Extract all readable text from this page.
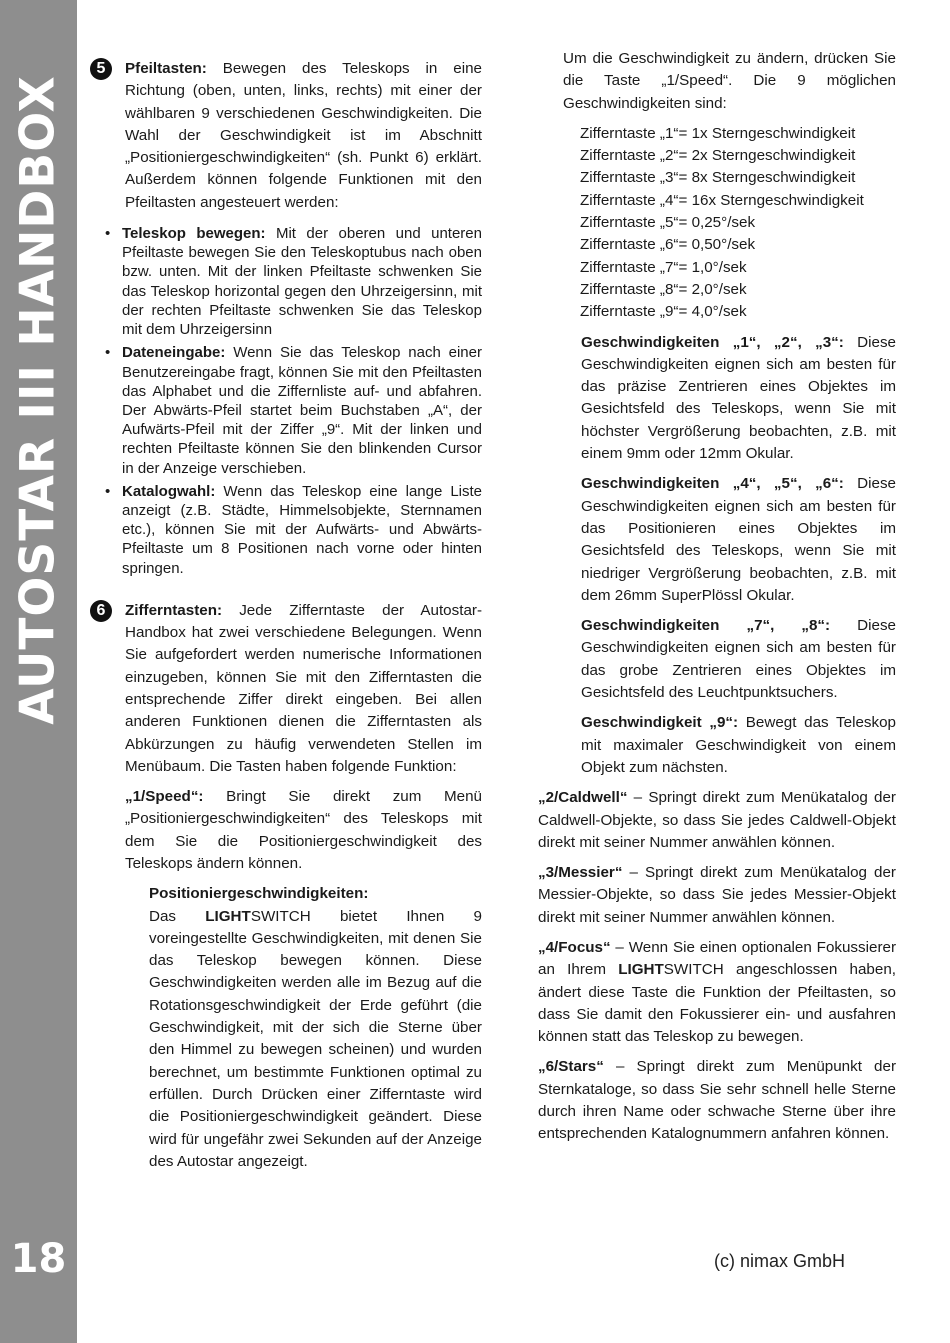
AUTOSTAR III HANDBOX
18
5	Pfeiltasten: Bewegen des Teleskops in eine Richtung (oben, unten, links, rechts) mit einer der wählbaren 9 verschiedenen Geschwindigkeiten. Die Wahl der Geschwindigkeit ist im Abschnitt „Positioniergeschwindigkeiten“ (sh. Punkt 6) erklärt. Außerdem können folgende Funktionen mit den Pfeiltasten angesteuert werden:
• Teleskop bewegen: Mit der oberen und unteren Pfeiltaste bewegen Sie den Teleskoptubus nach oben bzw. unten. Mit der linken Pfeiltaste schwenken Sie das Teleskop horizontal gegen den Uhrzeigersinn, mit der rechten Pfeiltaste schwenken Sie das Teleskop mit dem Uhrzeigersinn
• Dateneingabe: Wenn Sie das Teleskop nach einer Benutzereingabe fragt, können Sie mit den Pfeiltasten das Alphabet und die Ziffernliste auf- und abfahren. Der Abwärts-Pfeil startet beim Buchstaben „A“, der Aufwärts-Pfeil mit der Ziffer „9“. Mit der linken und rechten Pfeiltaste können Sie den blinkenden Cursor in der Anzeige verschieben.
• Katalogwahl: Wenn das Teleskop eine lange Liste anzeigt (z.B. Städte, Himmelsobjekte, Sternnamen etc.), können Sie mit der Aufwärts- und Abwärts-Pfeiltaste um 8 Positionen nach vorne oder hinten springen.
6	Zifferntasten: Jede Zifferntaste der Autostar-Handbox hat zwei verschiedene Belegungen. Wenn Sie aufgefordert werden numerische Informationen einzugeben, können Sie mit den Zifferntasten die entsprechende Ziffer direkt eingeben. Bei allen anderen Funktionen dienen die Zifferntasten als Abkürzungen zu häufig verwendeten Stellen im Menübaum. Die Tasten haben folgende Funktion:

„1/Speed“: Bringt Sie direkt zum Menü „Positioniergeschwindigkeiten“ des Teleskops mit dem Sie die Positioniergeschwindigkeit des Teleskops ändern können.

Positioniergeschwindigkeiten:

Das LIGHTSWITCH bietet Ihnen 9 voreingestellte Geschwindigkeiten, mit denen Sie das Teleskop bewegen können. Diese Geschwindigkeiten werden alle im Bezug auf die Rotationsgeschwindigkeit der Erde geführt (die Geschwindigkeit, mit der sich die Sterne über den Himmel zu bewegen scheinen) und wurden berechnet, um bestimmte Funktionen optimal zu erfüllen. Durch Drücken einer Zifferntaste wird die Positioniergeschwindigkeit geändert. Diese wird für ungefähr zwei Sekunden auf der Anzeige des Autostar angezeigt.

Um die Geschwindigkeit zu ändern, drücken Sie die Taste „1/Speed“. Die 9 möglichen Geschwindigkeiten sind:

Zifferntaste „1“= 1x Sterngeschwindigkeit
Zifferntaste „2“= 2x Sterngeschwindigkeit
Zifferntaste „3“= 8x Sterngeschwindigkeit
Zifferntaste „4“= 16x Sterngeschwindigkeit
Zifferntaste „5“= 0,25°/sek
Zifferntaste „6“= 0,50°/sek
Zifferntaste „7“= 1,0°/sek
Zifferntaste „8“= 2,0°/sek
Zifferntaste „9“= 4,0°/sek

Geschwindigkeiten „1“, „2“, „3“: Diese Geschwindigkeiten eignen sich am besten für das präzise Zentrieren eines Objektes im Gesichtsfeld des Teleskops, wenn Sie mit höchster Vergrößerung beobachten, z.B. mit einem 9mm oder 12mm Okular.

Geschwindigkeiten „4“, „5“, „6“: Diese Geschwindigkeiten eignen sich am besten für das Positionieren eines Objektes im Gesichtsfeld des Teleskops, wenn Sie mit niedriger Vergrößerung beobachten, z.B. mit dem 26mm SuperPlössl Okular.

Geschwindigkeiten „7“, „8“: Diese Geschwindigkeiten eignen sich am besten für das grobe Zentrieren eines Objektes im Gesichtsfeld des Leuchtpunktsuchers.

Geschwindigkeit „9“: Bewegt das Teleskop mit maximaler Geschwindigkeit von einem Objekt zum nächsten.

„2/Caldwell“ – Springt direkt zum Menükatalog der Caldwell-Objekte, so dass Sie jedes Caldwell-Objekt direkt mit seiner Nummer anwählen können.

„3/Messier“ – Springt direkt zum Menükatalog der Messier-Objekte, so dass Sie jedes Messier-Objekt direkt mit seiner Nummer anwählen können.

„4/Focus“ – Wenn Sie einen optionalen Fokussierer an Ihrem LIGHTSWITCH angeschlossen haben, ändert diese Taste die Funktion der Pfeiltasten, so dass Sie damit den Fokussierer ein- und ausfahren können statt das Teleskop zu bewegen.

„6/Stars“ – Springt direkt zum Menüpunkt der Sternkataloge, so dass Sie sehr schnell helle Sterne durch ihren Name oder schwache Sterne über ihre entsprechenden Katalognummern anfahren können.

(c) nimax GmbH
